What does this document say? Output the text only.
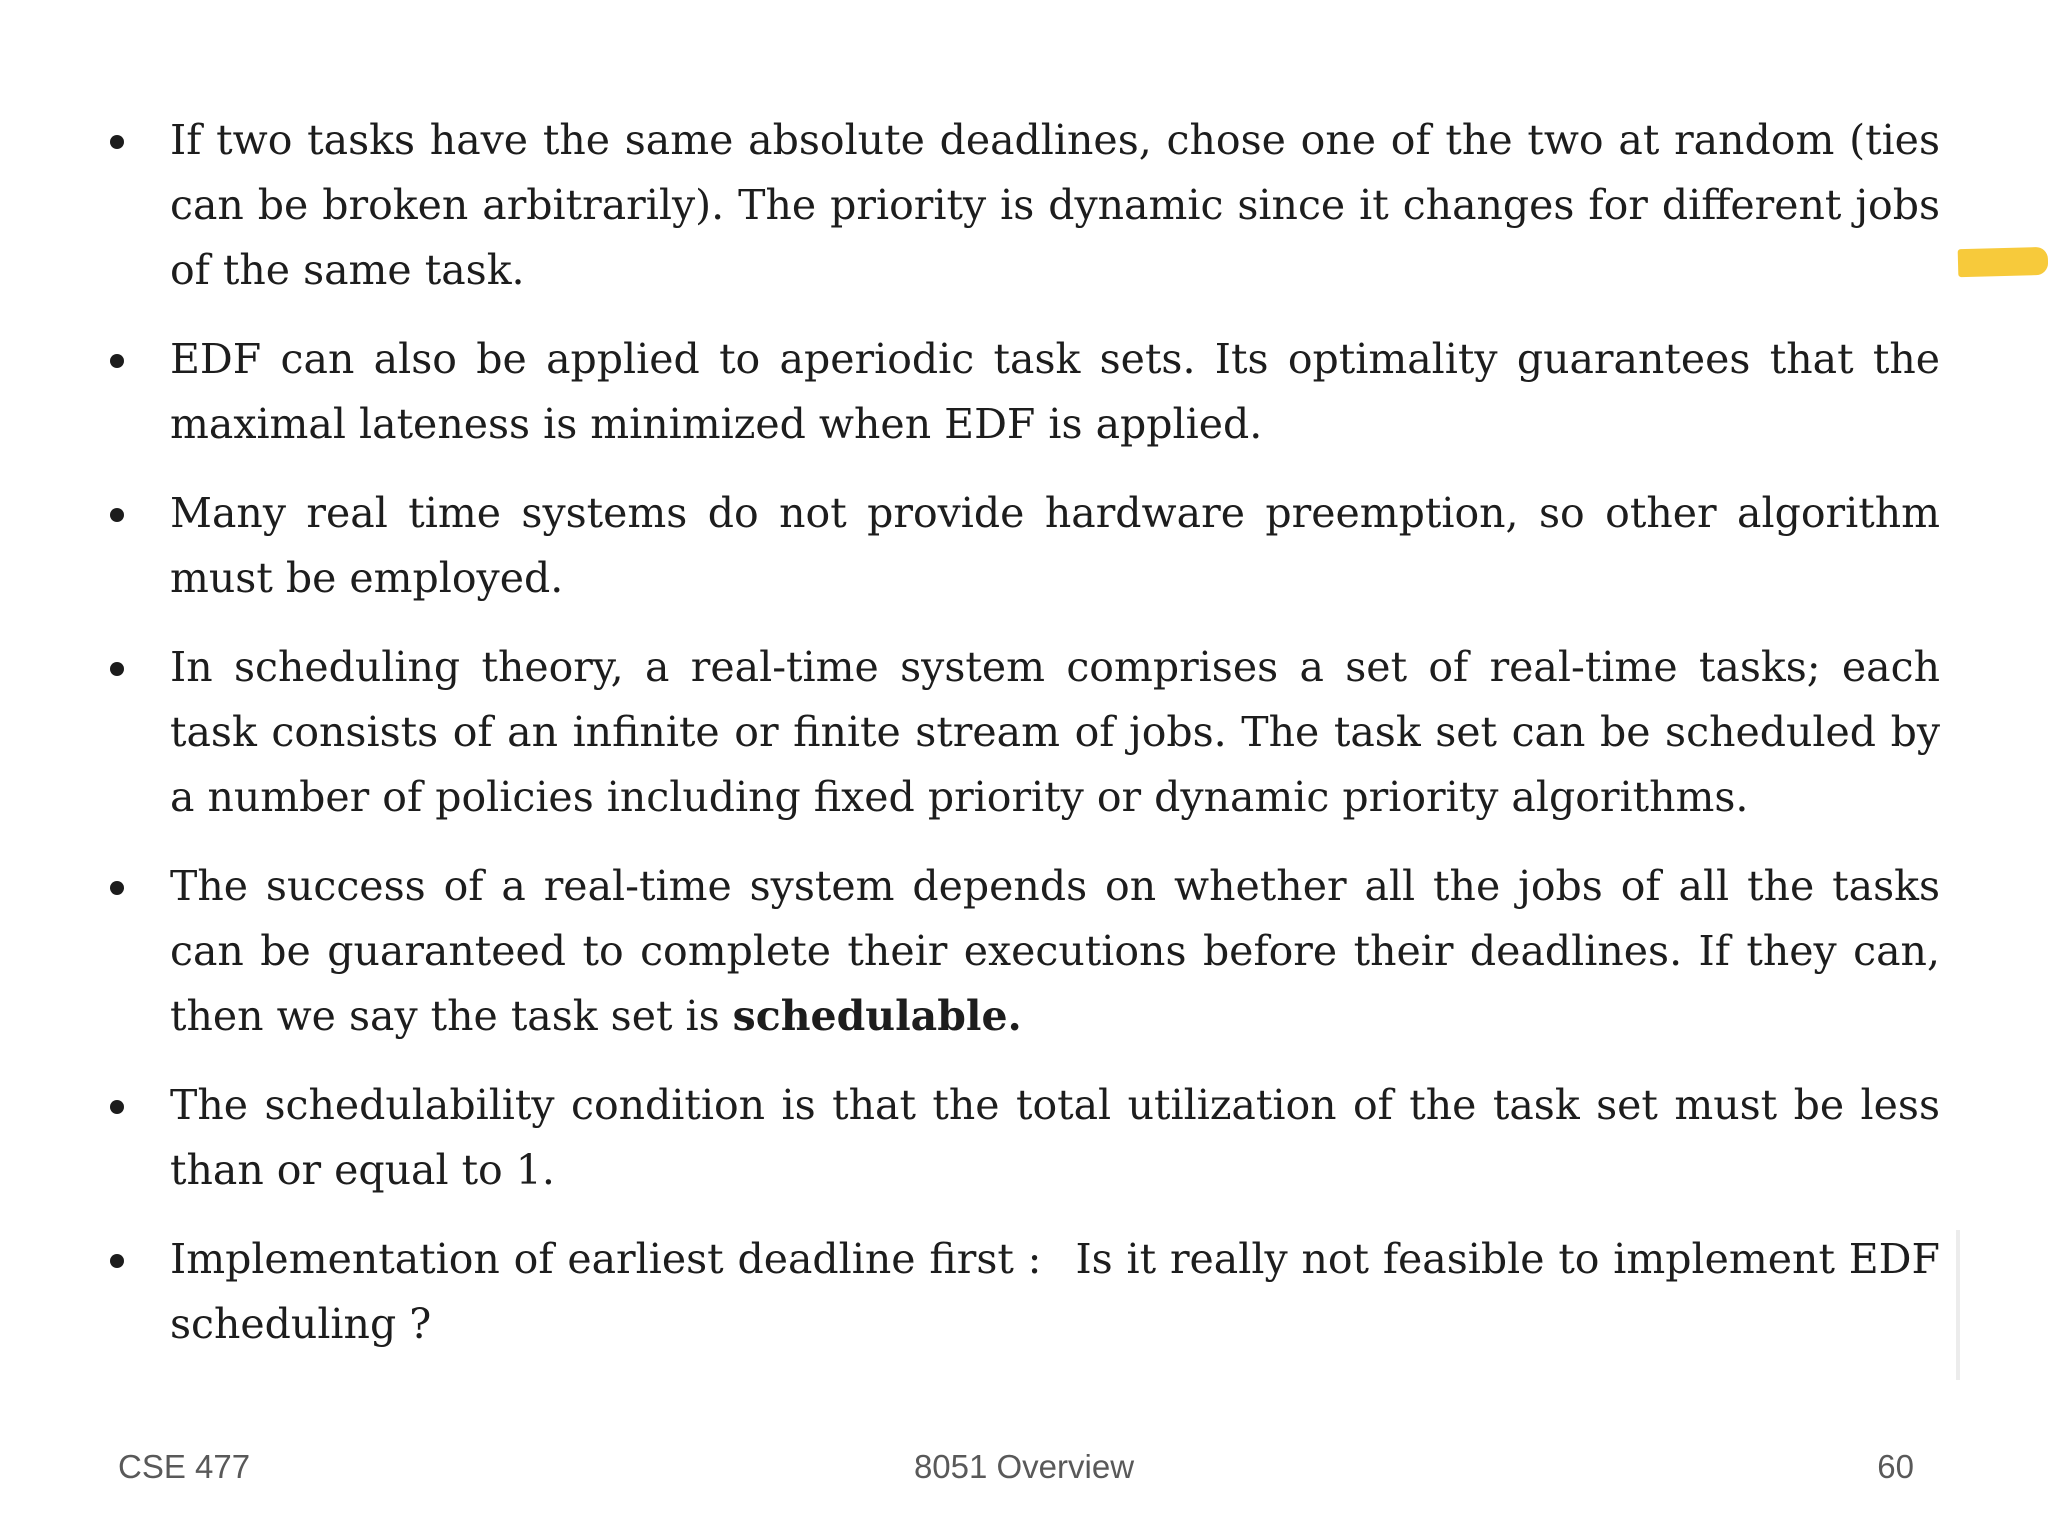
If two tasks have the same absolute deadlines, chose one of the two at random (ties can be broken arbitrarily). The priority is dynamic since it changes for different jobs of the same task.
EDF can also be applied to aperiodic task sets. Its optimality guarantees that the maximal lateness is minimized when EDF is applied.
Many real time systems do not provide hardware preemption, so other algorithm must be employed.
In scheduling theory, a real-time system comprises a set of real-time tasks; each task consists of an infinite or finite stream of jobs. The task set can be scheduled by a number of policies including fixed priority or dynamic priority algorithms.
The success of a real-time system depends on whether all the jobs of all the tasks can be guaranteed to complete their executions before their deadlines. If they can, then we say the task set is schedulable.
The schedulability condition is that the total utilization of the task set must be less than or equal to 1.
Implementation of earliest deadline first : Is it really not feasible to implement EDF scheduling ?
CSE 477	8051 Overview	60
